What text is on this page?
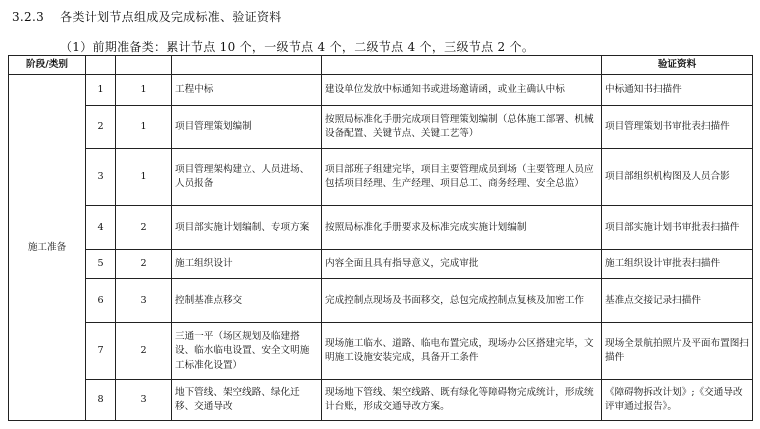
3.2.3 各类计划节点组成及完成标准、验证资料
（1）前期准备类：累计节点 10 个，一级节点 4 个，二级节点 4 个，三级节点 2 个。
阶段/类别					验证资料
施工准备	1	1	工程中标	建设单位发放中标通知书或进场邀请函，或业主确认中标	中标通知书扫描件
	2	1	项目管理策划编制	按照局标准化手册完成项目管理策划编制（总体施工部署、机械设备配置、关键节点、关键工艺等）	项目管理策划书审批表扫描件
	3	1	项目管理架构建立、人员进场、人员报备	项目部班子组建完毕，项目主要管理成员到场（主要管理人员应包括项目经理、生产经理、项目总工、商务经理、安全总监）	项目部组织机构图及人员合影
	4	2	项目部实施计划编制、专项方案	按照局标准化手册要求及标准完成实施计划编制	项目部实施计划书审批表扫描件
	5	2	施工组织设计	内容全面且具有指导意义，完成审批	施工组织设计审批表扫描件
	6	3	控制基准点移交	完成控制点现场及书面移交，总包完成控制点复核及加密工作	基准点交接记录扫描件
	7	2	三通一平（场区规划及临建搭设、临水临电设置、安全文明施工标准化设置）	现场施工临水、道路、临电布置完成，现场办公区搭建完毕，文明施工设施安装完成，具备开工条件	现场全景航拍照片及平面布置图扫描件
	8	3	地下管线、架空线路、绿化迁移、交通导改	现场地下管线、架空线路、既有绿化等障碍物完成统计，形成统计台账，形成交通导改方案。	《障碍物拆改计划》;《交通导改评审通过报告》。
